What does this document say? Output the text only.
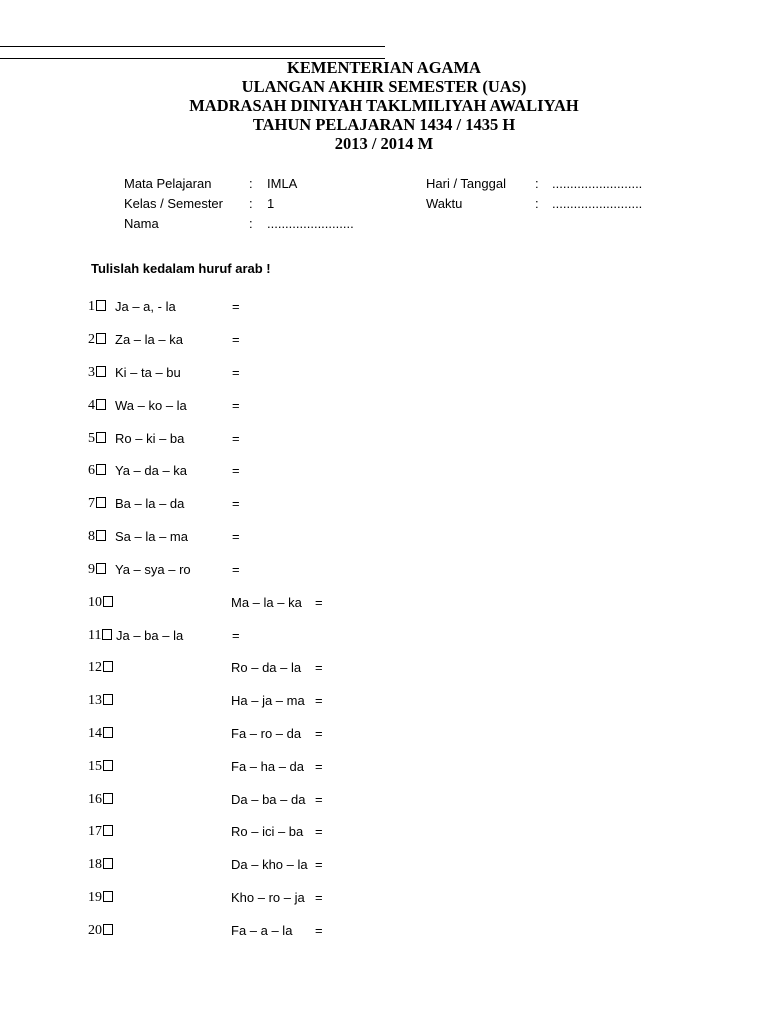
KEMENTERIAN AGAMA
ULANGAN AKHIR SEMESTER (UAS)
MADRASAH DINIYAH TAKLMILIYAH AWALIYAH
TAHUN PELAJARAN 1434 / 1435 H
2013 / 2014 M
Mata Pelajaran	: IMLA	Hari / Tanggal : .........................
Kelas / Semester : 1	Waktu	: .........................
Nama	: ........................
Tulislah kedalam huruf arab !
1	Ja – a, - la	=
2	Za – la – ka	=
3	Ki – ta – bu	=
4	Wa – ko – la	=
5	Ro – ki – ba	=
6	Ya – da – ka	=
7	Ba – la – da	=
8	Sa – la – ma	=
9	Ya – sya – ro	=
10	Ma – la – ka =
11	Ja – ba – la	=
12	Ro – da – la =
13	Ha – ja – ma =
14	Fa – ro – da =
15	Fa – ha – da =
16	Da – ba – da =
17	Ro – ici – ba =
18	Da – kho – la =
19	Kho – ro – ja =
20	Fa – a – la =
